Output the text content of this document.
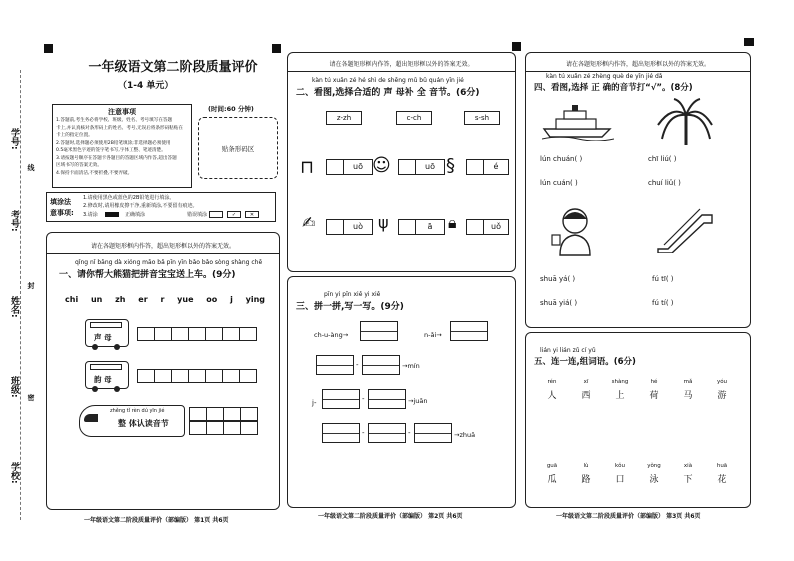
学号:
考号:
姓名:
班级:
学校:
线
封
密
一年级语文第二阶段质量评价
（1-4 单元）
注意事项
1.答题前,考生务必将学校、班级、姓名、考号填写在答题
卡上,并认真核对条形码上的姓名、考号,无误后将条形码粘贴在
卡上的指定位置。
2.答题时,选择题必须使用2B铅笔填涂;非选择题必须使用
0.5毫米黑色字迹的签字笔书写,字体工整、笔迹清楚。
3.请按题号顺序在答题卡各题目的答题区域内作答,超出答题
区域书写的答案无效。
4.保持卡面清洁,不要折叠,不要弄破。
(时间:60 分钟)
贴条形码区
填涂法
意事项:
1.请使用黑色或蓝色的2B铅笔进行填涂。
2.修改时,请用橡皮擦干净,重新填涂,不要留有痕迹。
3.请涂	正确填涂	错误填涂	✓	✕
请在各题矩形框内作答，超出矩形框以外的答案无效。
qǐng nǐ bāng dà xióng māo bǎ pīn yīn bǎo bǎo sòng shàng chē
一、请你帮大熊猫把拼音宝宝送上车。(9分)
chi un zh er r yue oo j ying
声 母
韵 母
zhěng tǐ rèn dú yīn jié
整 体认读音节
一年级语文第二阶段质量评价（部编版） 第1页 共6页
请在各题矩形框内作答，超出矩形框以外的答案无效。
kàn tú xuǎn zé hé shì de shēng mǔ bǔ quán yīn jié
二、看图,选择合适的 声 母补 全 音节。(6分)
z-zh	c-ch	s-sh
⊓	uō ☺	uō §	é
✍	uò ψ	ā 🔒︎	uǒ
pīn yi pīn xiě yi xiě
三、拼一拼,写一写。(9分)
ch-u-àng→	n-ǎi→
-	→mín
j-	-	→juān
-	-	→zhuā
一年级语文第二阶段质量评价（部编版） 第2页 共6页
请在各题矩形框内作答，超出矩形框以外的答案无效。
kàn tú xuǎn zé zhèng què de yīn jié dǎ
四、看图,选择 正 确的音节打“√”。(8分)
lún chuán( )	chī liú( )
lún cuán( )	chuí liǔ( )
shuā yá( )	fú tī( )
shuā yiá( )	fú tí( )
lián yi lián zǔ cí yǔ
五、连一连,组词语。(6分)
rén	xī	shàng	hé	mǎ	yóu
人	西	上	荷	马	游
guā	lù	kǒu	yǒng	xià	huā
瓜	路	口	泳	下	花
一年级语文第二阶段质量评价（部编版） 第3页 共6页
